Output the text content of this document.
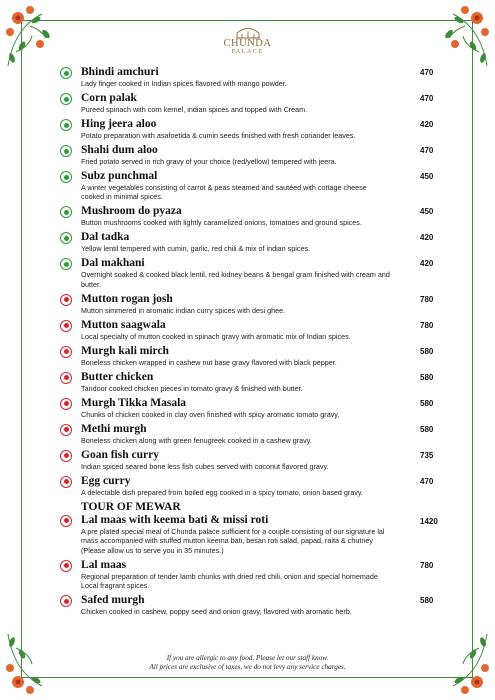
CHUNDA
PALACE
Bhindi amchuri
Lady finger cooked in Indian spices flavored with mango powder.
470
Corn palak
Pureed spinach with corn kernel, indian spices and topped with Cream.
470
Hing jeera aloo
Potato preparation with asafoetida & cumin seeds finished with fresh coriander leaves.
420
Shahi dum aloo
Fried potato served in rich gravy of your choice (red/yellow) tempered with jeera.
470
Subz punchmal
A winter vegetables consisting of carrot & peas steamed and sautéed with cottage cheese cooked in minimal spices.
450
Mushroom do pyaza
Button mushrooms cooked with lightly caramelized onions, tomatoes and ground spices.
450
Dal tadka
Yellow lentil tempered with cumin, garlic, red chili & mix of indian spices.
420
Dal makhani
Overnight soaked & cooked black lentil, red kidney beans & bengal gram finished with cream and butter.
420
Mutton rogan josh
Mutton simmered in aromatic indian curry spices with desi ghee.
780
Mutton saagwala
Local specialty of mutton cooked in spinach gravy with aromatic mix of Indian spices.
780
Murgh kali mirch
Boneless chicken wrapped in cashew nut base gravy flavored with black pepper.
580
Butter chicken
Tandoor cooked chicken pieces in tomato gravy & finished with butter.
580
Murgh Tikka Masala
Chunks of chicken cooked in clay oven finished with spicy aromatic tomato gravy.
580
Methi murgh
Boneless chicken along with green fenugreek cooked in a cashew gravy.
580
Goan fish curry
Indian spiced seared bone less fish cubes served with coconut flavored gravy.
735
Egg curry
A delectable dish prepared from boiled egg cooked in a spicy tomato, onion based gravy.
470
TOUR OF MEWAR
Lal maas with keema bati & missi roti
A pre plated special meal of Chunda palace sufficient for a couple consisting of our signature lal mass accompanied with stuffed mutton keema bati, besan roti salad, papad, raita & chutney (Please allow us to serve you in 35 minutes.)
1420
Lal maas
Regional preparation of tender lamb chunks with dried red chili, onion and special homemade Local fragrant spices.
780
Safed murgh
Chicken cooked in cashew, poppy seed and onion gravy, flavored with aromatic herb.
580
If you are allergic to any food, Please let our staff know.
All prices are exclusive of taxes, we do not levy any service charges.
